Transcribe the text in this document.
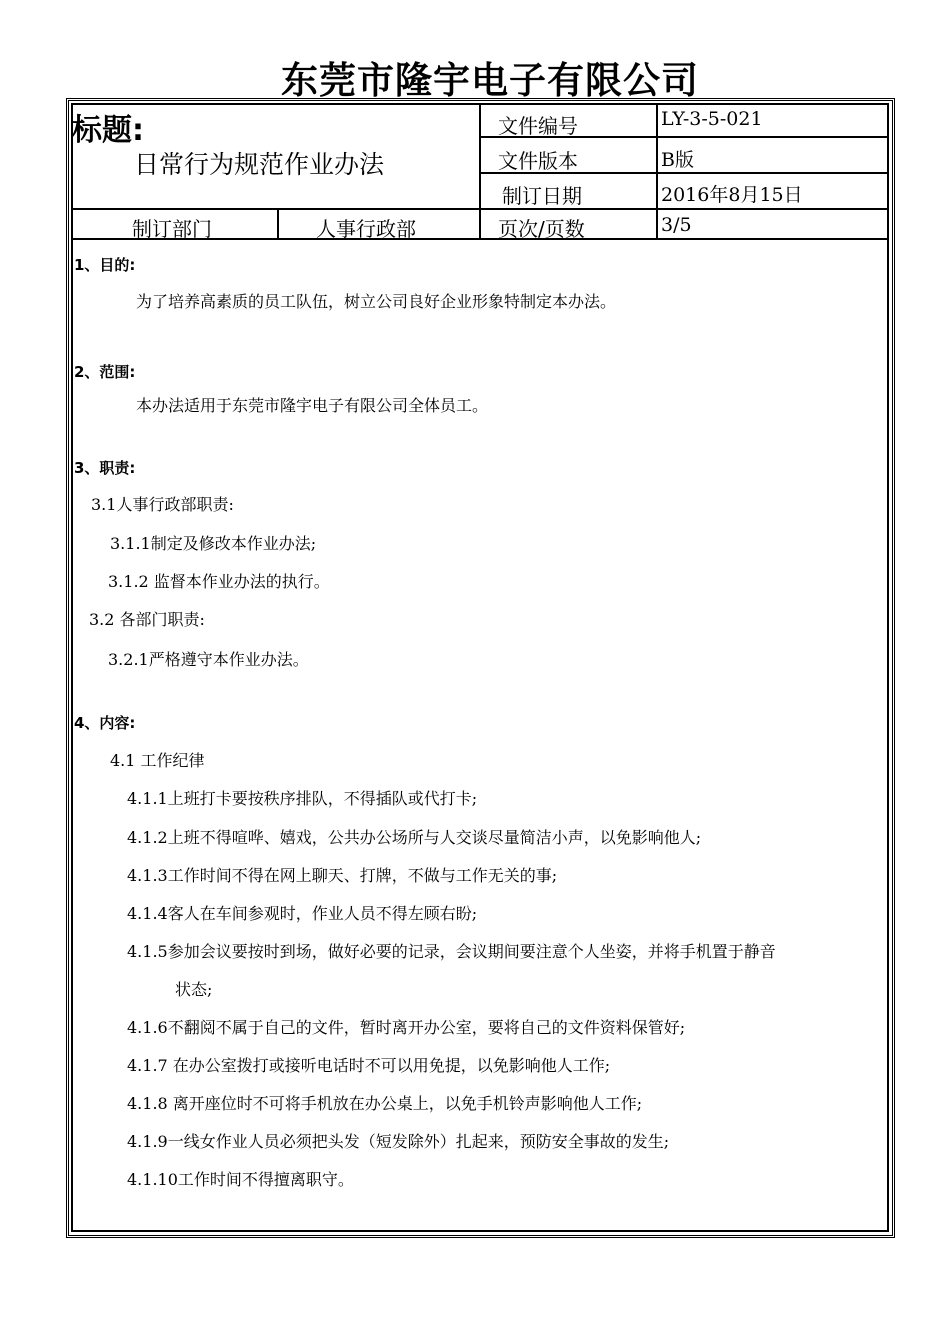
东莞市隆宇电子有限公司
标题:
日常行为规范作业办法
文件编号	LY-3-5-021
文件版本	B版
制订日期	2016年8月15日
制订部门	人事行政部	页次/页数	3/5
1、目的:
为了培养高素质的员工队伍，树立公司良好企业形象特制定本办法。
2、范围:
本办法适用于东莞市隆宇电子有限公司全体员工。
3、职责:
3.1人事行政部职责:
3.1.1制定及修改本作业办法;
3.1.2 监督本作业办法的执行。
3.2 各部门职责:
3.2.1严格遵守本作业办法。
4、内容:
4.1 工作纪律
4.1.1上班打卡要按秩序排队，不得插队或代打卡;
4.1.2上班不得喧哗、嬉戏，公共办公场所与人交谈尽量简洁小声，以免影响他人;
4.1.3工作时间不得在网上聊天、打牌，不做与工作无关的事;
4.1.4客人在车间参观时，作业人员不得左顾右盼;
4.1.5参加会议要按时到场，做好必要的记录，会议期间要注意个人坐姿，并将手机置于静音
状态;
4.1.6不翻阅不属于自己的文件，暂时离开办公室，要将自己的文件资料保管好;
4.1.7 在办公室拨打或接听电话时不可以用免提，以免影响他人工作;
4.1.8 离开座位时不可将手机放在办公桌上，以免手机铃声影响他人工作;
4.1.9一线女作业人员必须把头发（短发除外）扎起来，预防安全事故的发生;
4.1.10工作时间不得擅离职守。
